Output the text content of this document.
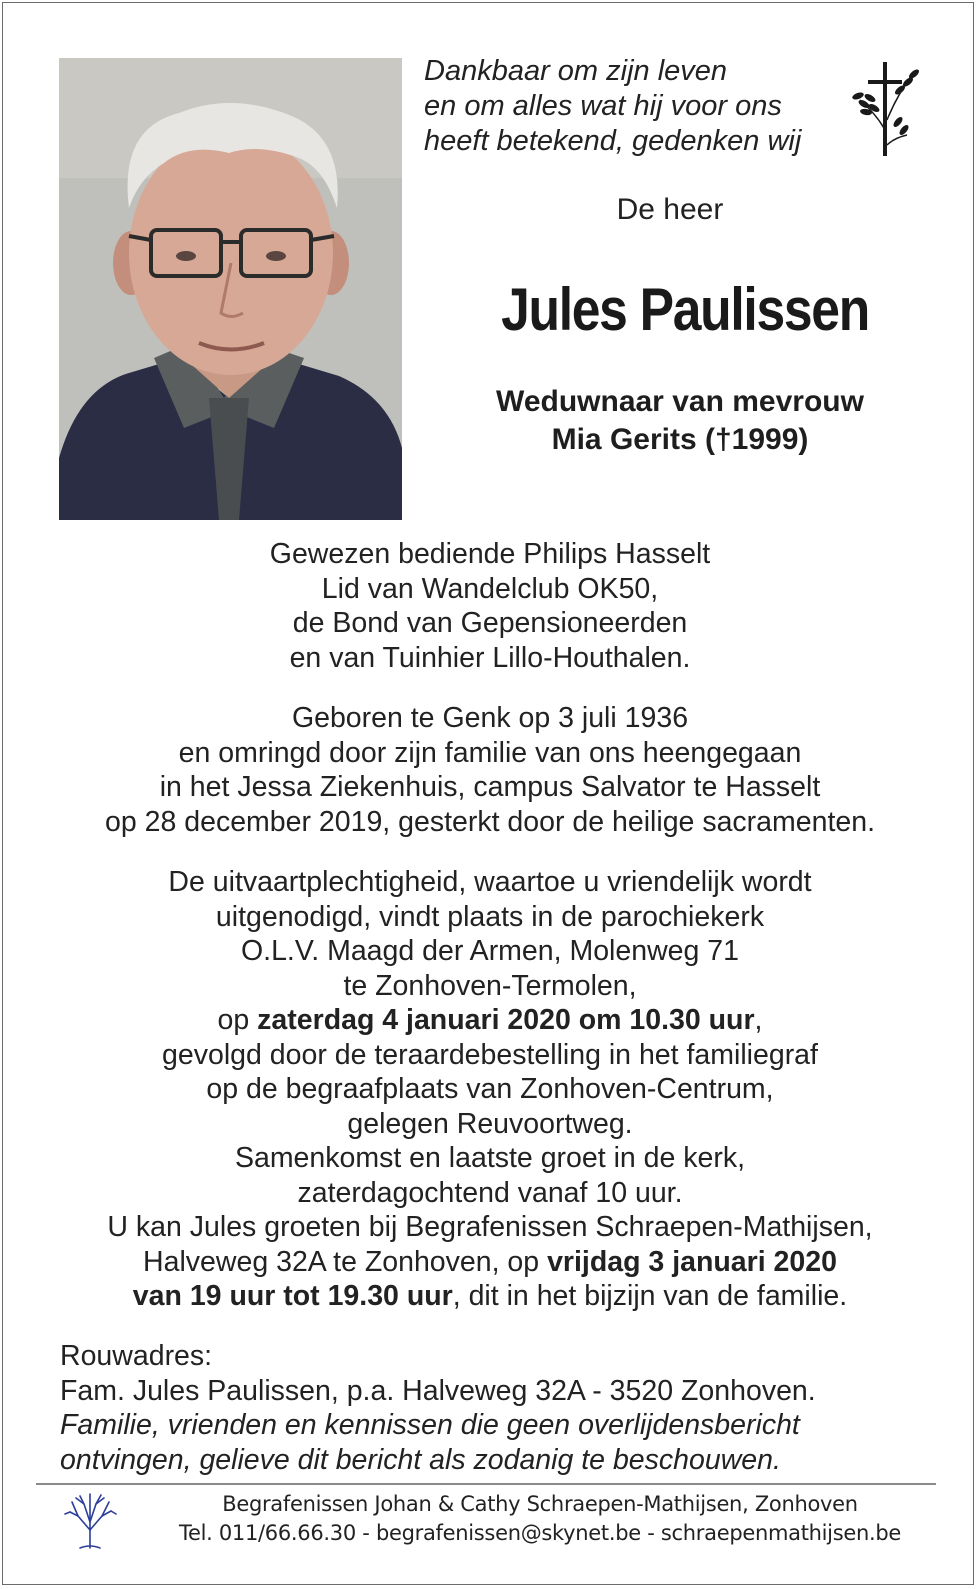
Dankbaar om zijn leven
en om alles wat hij voor ons
heeft betekend, gedenken wij
De heer
Jules Paulissen
Weduwnaar van mevrouw
Mia Gerits (†1999)
Gewezen bediende Philips Hasselt
Lid van Wandelclub OK50,
de Bond van Gepensioneerden
en van Tuinhier Lillo-Houthalen.
Geboren te Genk op 3 juli 1936
en omringd door zijn familie van ons heengegaan
in het Jessa Ziekenhuis, campus Salvator te Hasselt
op 28 december 2019, gesterkt door de heilige sacramenten.
De uitvaartplechtigheid, waartoe u vriendelijk wordt
uitgenodigd, vindt plaats in de parochiekerk
O.L.V. Maagd der Armen, Molenweg 71
te Zonhoven-Termolen,
op zaterdag 4 januari 2020 om 10.30 uur,
gevolgd door de teraardebestelling in het familiegraf
op de begraafplaats van Zonhoven-Centrum,
gelegen Reuvoortweg.
Samenkomst en laatste groet in de kerk,
zaterdagochtend vanaf 10 uur.
U kan Jules groeten bij Begrafenissen Schraepen-Mathijsen,
Halveweg 32A te Zonhoven, op vrijdag 3 januari 2020
van 19 uur tot 19.30 uur, dit in het bijzijn van de familie.
Rouwadres:
Fam. Jules Paulissen, p.a. Halveweg 32A - 3520 Zonhoven.
Familie, vrienden en kennissen die geen overlijdensbericht
ontvingen, gelieve dit bericht als zodanig te beschouwen.
Begrafenissen Johan & Cathy Schraepen-Mathijsen, Zonhoven
Tel. 011/66.66.30 - begrafenissen@skynet.be - schraepenmathijsen.be
